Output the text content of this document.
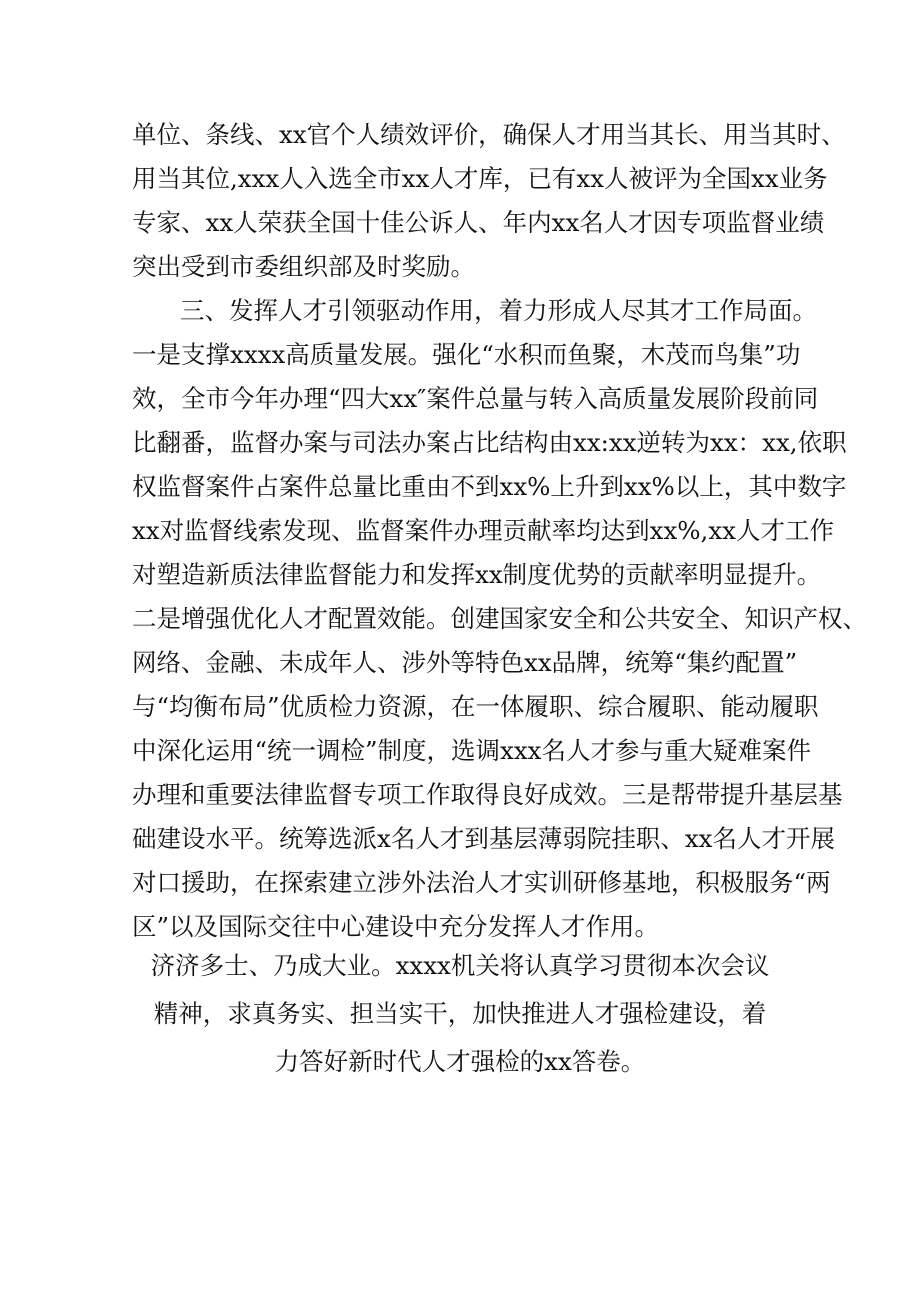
单位、条线、xx官个人绩效评价，确保人才用当其长、用当其时、
用当其位,xxx人入选全市xx人才库，已有xx人被评为全国xx业务
专家、xx人荣获全国十佳公诉人、年内xx名人才因专项监督业绩
突出受到市委组织部及时奖励。
三、发挥人才引领驱动作用，着力形成人尽其才工作局面。
一是支撑xxxx高质量发展。强化“水积而鱼聚，木茂而鸟集”功
效，全市今年办理“四大xx″案件总量与转入高质量发展阶段前同
比翻番，监督办案与司法办案占比结构由xx:xx逆转为xx：xx,依职
权监督案件占案件总量比重由不到xx%上升到xx%以上，其中数字
xx对监督线索发现、监督案件办理贡献率均达到xx%,xx人才工作
对塑造新质法律监督能力和发挥xx制度优势的贡献率明显提升。
二是增强优化人才配置效能。创建国家安全和公共安全、知识产权、
网络、金融、未成年人、涉外等特色xx品牌，统筹“集约配置”
与“均衡布局”优质检力资源，在一体履职、综合履职、能动履职
中深化运用“统一调检”制度，选调xxx名人才参与重大疑难案件
办理和重要法律监督专项工作取得良好成效。三是帮带提升基层基
础建设水平。统筹选派x名人才到基层薄弱院挂职、xx名人才开展
对口援助，在探索建立涉外法治人才实训研修基地，积极服务“两
区”以及国际交往中心建设中充分发挥人才作用。
济济多士、乃成大业。xxxx机关将认真学习贯彻本次会议
精神，求真务实、担当实干，加快推进人才强检建设，着
力答好新时代人才强检的xx答卷。
